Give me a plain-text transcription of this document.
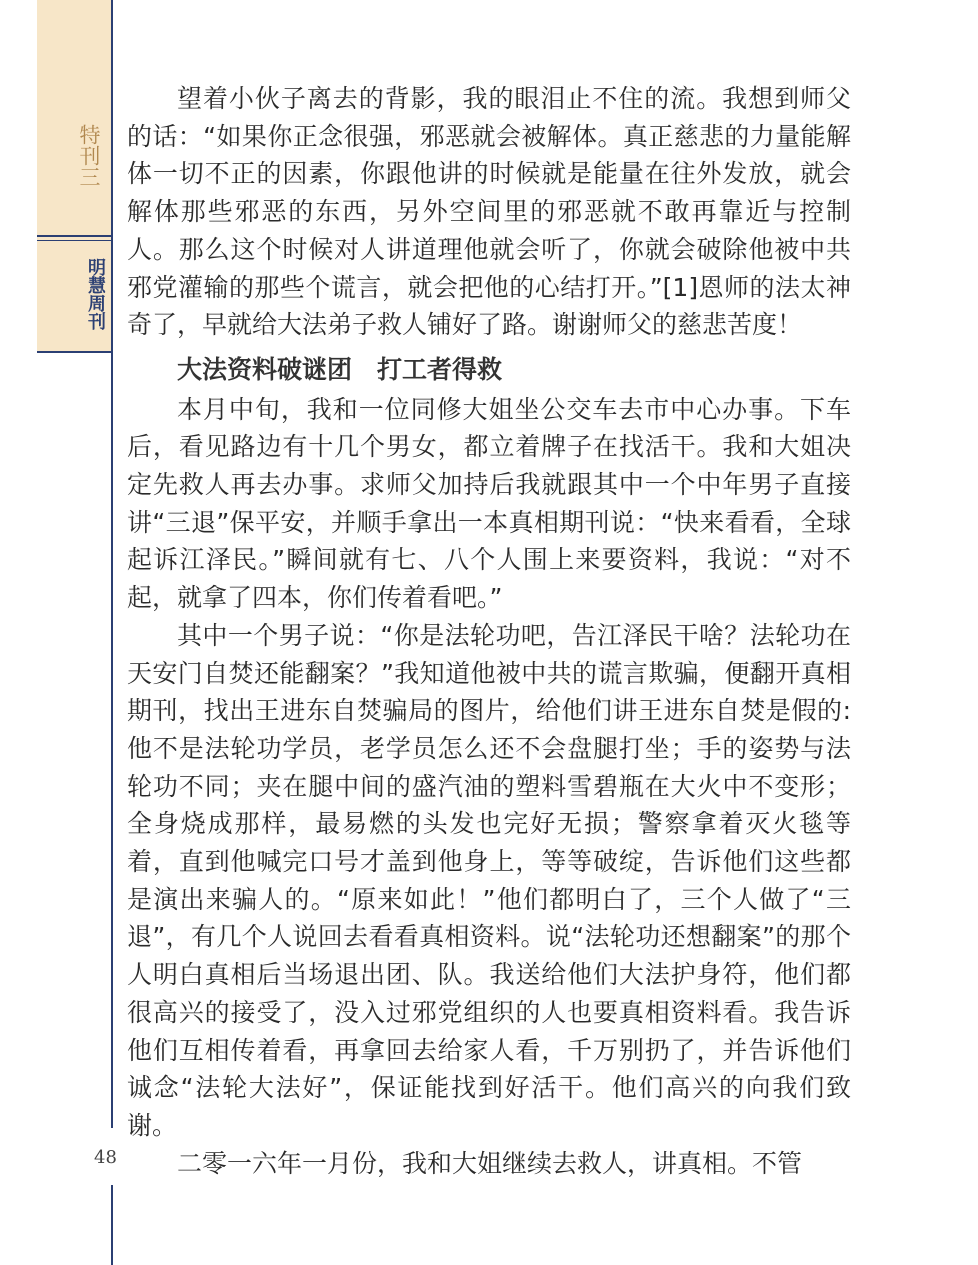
特刊三
明慧周刊

望着小伙子离去的背影，我的眼泪止不住的流。我想到师父的话：“如果你正念很强，邪恶就会被解体。真正慈悲的力量能解体一切不正的因素，你跟他讲的时候就是能量在往外发放，就会解体那些邪恶的东西，另外空间里的邪恶就不敢再靠近与控制人。那么这个时候对人讲道理他就会听了，你就会破除他被中共邪党灌输的那些个谎言，就会把他的心结打开。”[1]恩师的法太神奇了，早就给大法弟子救人铺好了路。谢谢师父的慈悲苦度！

大法资料破谜团　打工者得救

本月中旬，我和一位同修大姐坐公交车去市中心办事。下车后，看见路边有十几个男女，都立着牌子在找活干。我和大姐决定先救人再去办事。求师父加持后我就跟其中一个中年男子直接讲“三退”保平安，并顺手拿出一本真相期刊说：“快来看看，全球起诉江泽民。”瞬间就有七、八个人围上来要资料，我说：“对不起，就拿了四本，你们传着看吧。”

其中一个男子说：“你是法轮功吧，告江泽民干啥？法轮功在天安门自焚还能翻案？”我知道他被中共的谎言欺骗，便翻开真相期刊，找出王进东自焚骗局的图片，给他们讲王进东自焚是假的: 他不是法轮功学员，老学员怎么还不会盘腿打坐；手的姿势与法轮功不同；夹在腿中间的盛汽油的塑料雪碧瓶在大火中不变形；全身烧成那样，最易燃的头发也完好无损；警察拿着灭火毯等着，直到他喊完口号才盖到他身上，等等破绽，告诉他们这些都是演出来骗人的。“原来如此！”他们都明白了，三个人做了“三退”，有几个人说回去看看真相资料。说“法轮功还想翻案”的那个人明白真相后当场退出团、队。我送给他们大法护身符，他们都很高兴的接受了，没入过邪党组织的人也要真相资料看。我告诉他们互相传着看，再拿回去给家人看，千万别扔了，并告诉他们诚念“法轮大法好”，保证能找到好活干。他们高兴的向我们致谢。

二零一六年一月份，我和大姐继续去救人，讲真相。不管

48
